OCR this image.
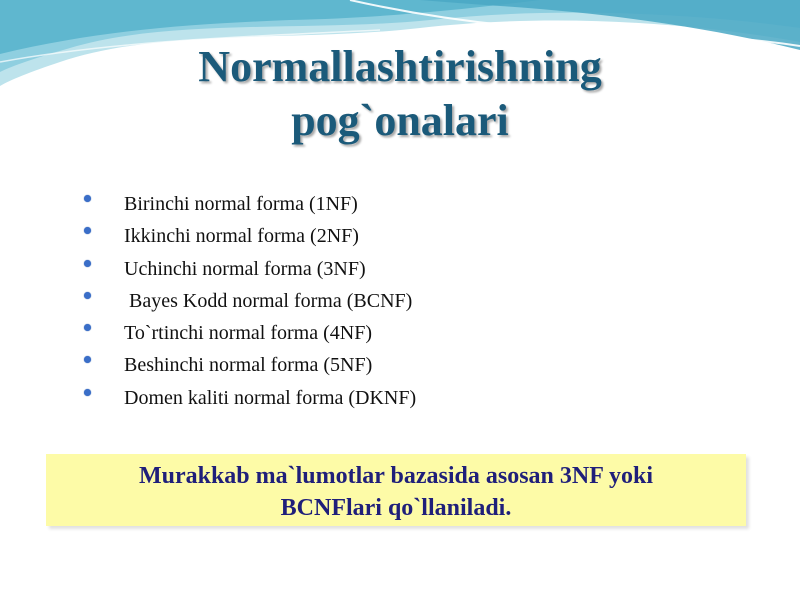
Normallashtirishning
pog`onalari
Birinchi normal forma (1NF)
Ikkinchi normal forma (2NF)
Uchinchi normal forma (3NF)
Bayes Kodd normal forma (BCNF)
To`rtinchi normal forma (4NF)
Beshinchi normal forma (5NF)
Domen kaliti normal forma (DKNF)
Murakkab ma`lumotlar bazasida asosan 3NF yoki
BCNFlari qo`llaniladi.
